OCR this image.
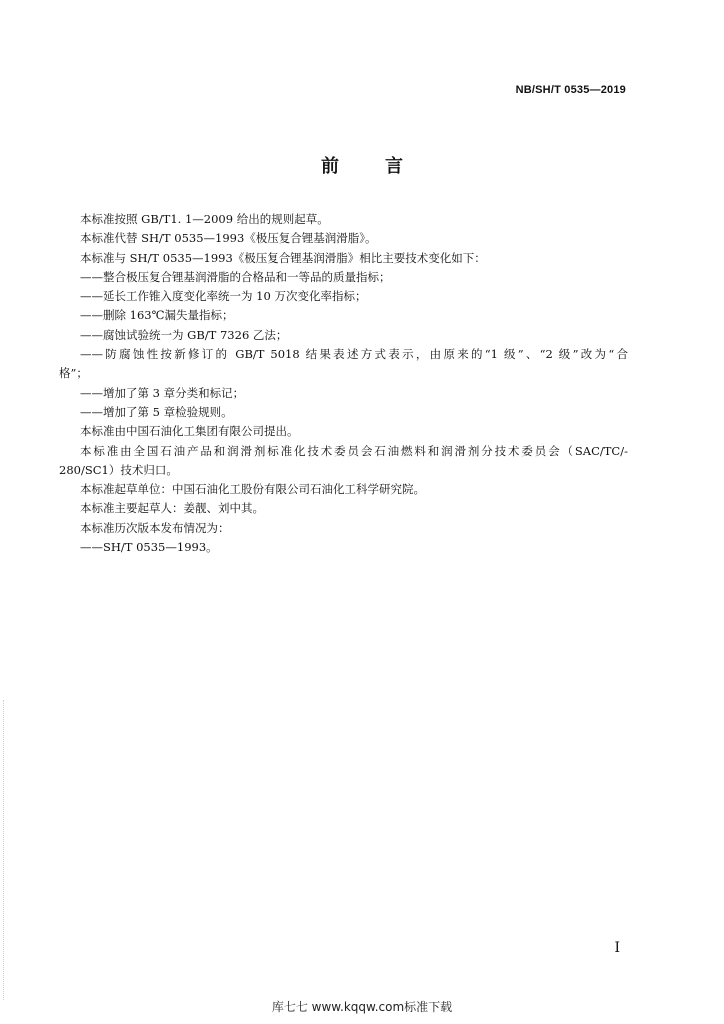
NB/SH/T 0535—2019
前	言

本标准按照 GB/T1. 1—2009 给出的规则起草。

本标准代替 SH/T 0535—1993《极压复合锂基润滑脂》。

本标准与 SH/T 0535—1993《极压复合锂基润滑脂》相比主要技术变化如下：

——整合极压复合锂基润滑脂的合格品和一等品的质量指标；

——延长工作锥入度变化率统一为 10 万次变化率指标；

——删除 163℃漏失量指标；

——腐蚀试验统一为 GB/T 7326 乙法；

——防腐蚀性按新修订的 GB/T 5018 结果表述方式表示，由原来的“1 级”、“2 级”改为“合
格”；

——增加了第 3 章分类和标记；

——增加了第 5 章检验规则。

本标准由中国石油化工集团有限公司提出。

本标准由全国石油产品和润滑剂标准化技术委员会石油燃料和润滑剂分技术委员会（SAC/TC/-
280/SC1）技术归口。

本标准起草单位：中国石油化工股份有限公司石油化工科学研究院。

本标准主要起草人：姜靓、刘中其。

本标准历次版本发布情况为：

——SH/T 0535—1993。

I
库七七 www.kqqw.com标准下载
